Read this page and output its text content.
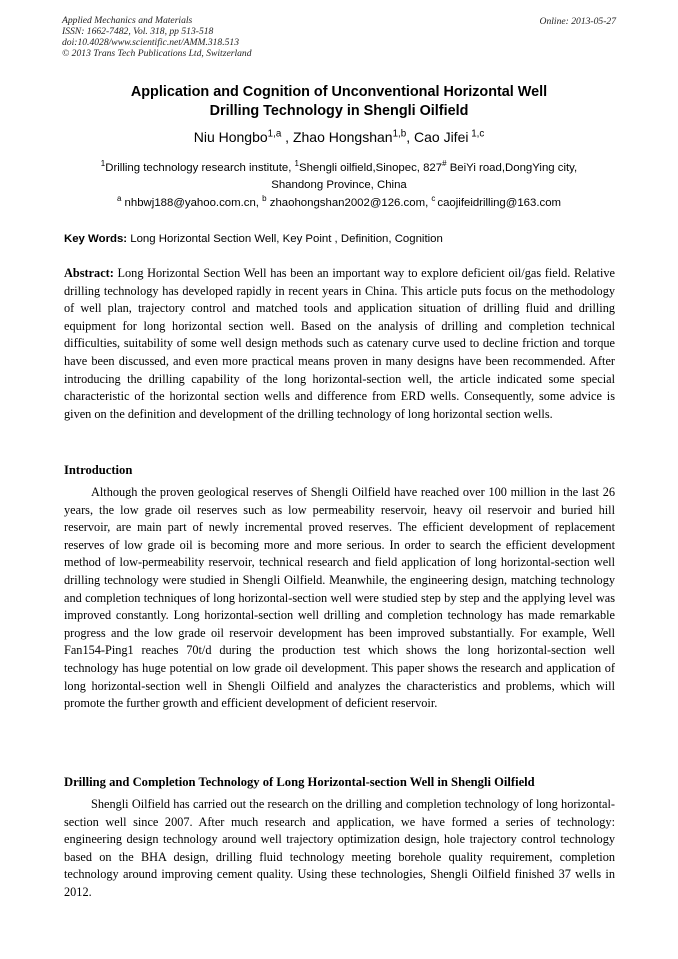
Applied Mechanics and Materials	Online: 2013-05-27
ISSN: 1662-7482, Vol. 318, pp 513-518
doi:10.4028/www.scientific.net/AMM.318.513
© 2013 Trans Tech Publications Ltd, Switzerland
Application and Cognition of Unconventional Horizontal Well
Drilling Technology in Shengli Oilfield
Niu Hongbo$^{1,a}$ , Zhao Hongshan$^{1,b}$, Cao Jifei $^{1,c}$
$^1$Drilling technology research institute, $^1$Shengli oilfield,Sinopec, 827# BeiYi road,DongYing city,
Shandong Province, China
$^a$ nhbwj188@yahoo.com.cn, $^b$ zhaohongshan2002@126.com, $^c$ caojifeidrilling@163.com
Key Words: Long Horizontal Section Well, Key Point , Definition, Cognition
Abstract: Long Horizontal Section Well has been an important way to explore deficient oil/gas field. Relative drilling technology has developed rapidly in recent years in China. This article puts focus on the methodology of well plan, trajectory control and matched tools and application situation of drilling fluid and drilling equipment for long horizontal section well. Based on the analysis of drilling and completion technical difficulties, suitability of some well design methods such as catenary curve used to decline friction and torque have been discussed, and even more practical means proven in many designs have been recommended. After introducing the drilling capability of the long horizontal-section well, the article indicated some special characteristic of the horizontal section wells and difference from ERD wells. Consequently, some advice is given on the definition and development of the drilling technology of long horizontal section wells.
Introduction
Although the proven geological reserves of Shengli Oilfield have reached over 100 million in the last 26 years, the low grade oil reserves such as low permeability reservoir, heavy oil reservoir and buried hill reservoir, are main part of newly incremental proved reserves. The efficient development of replacement reserves of low grade oil is becoming more and more serious. In order to search the efficient development method of low-permeability reservoir, technical research and field application of long horizontal-section well drilling technology were studied in Shengli Oilfield. Meanwhile, the engineering design, matching technology and completion techniques of long horizontal-section well were studied step by step and the applying level was improved constantly. Long horizontal-section well drilling and completion technology has made remarkable progress and the low grade oil reservoir development has been improved substantially. For example, Well Fan154-Ping1 reaches 70t/d during the production test which shows the long horizontal-section well technology has huge potential on low grade oil development. This paper shows the research and application of long horizontal-section well in Shengli Oilfield and analyzes the characteristics and problems, which will promote the further growth and efficient development of deficient reservoir.
Drilling and Completion Technology of Long Horizontal-section Well in Shengli Oilfield
Shengli Oilfield has carried out the research on the drilling and completion technology of long horizontal-section well since 2007. After much research and application, we have formed a series of technology: engineering design technology around well trajectory optimization design, hole trajectory control technology based on the BHA design, drilling fluid technology meeting borehole quality requirement, completion technology around improving cement quality. Using these technologies, Shengli Oilfield finished 37 wells in 2012.
